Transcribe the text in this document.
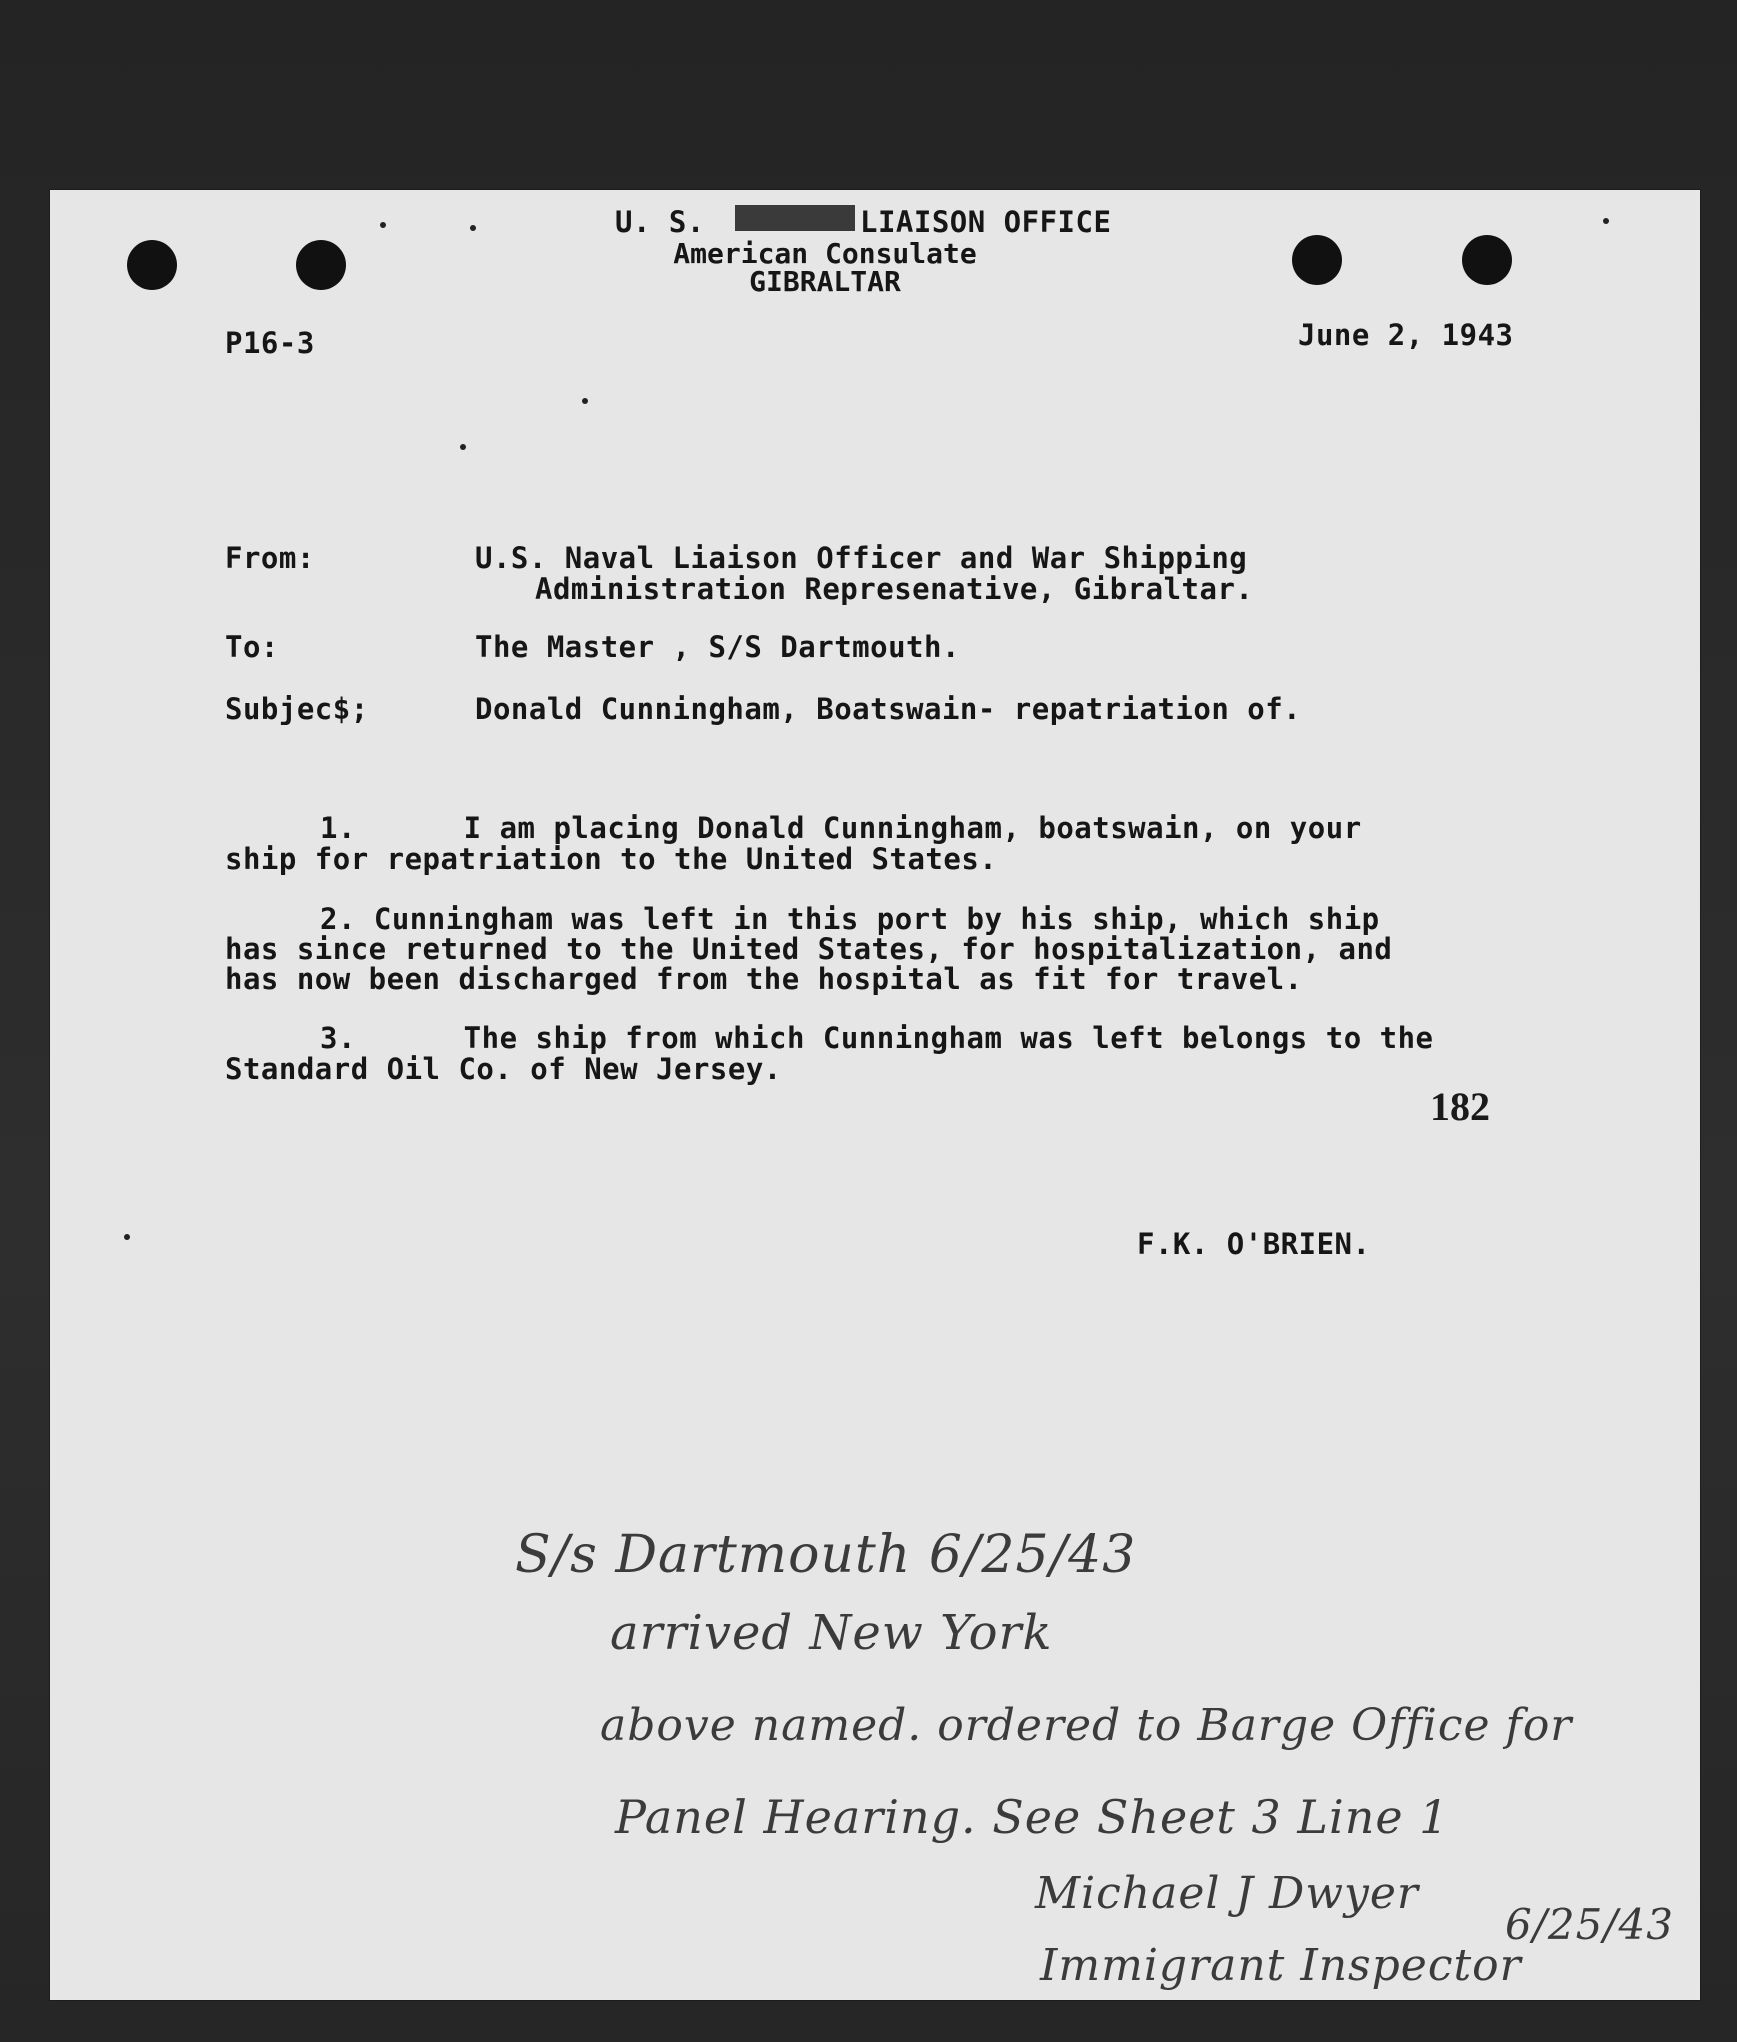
U. S.	LIAISON OFFICE
American Consulate
GIBRALTAR
P16-3	June 2, 1943
From:	U.S. Naval Liaison Officer and War Shipping
Administration Represenative, Gibraltar.
To:	The Master , S/S Dartmouth.
Subjec$;	Donald Cunningham, Boatswain- repatriation of.
1.      I am placing Donald Cunningham, boatswain, on your
ship for repatriation to the United States.
2. Cunningham was left in this port by his ship, which ship
has since returned to the United States, for hospitalization, and
has now been discharged from the hospital as fit for travel.
3.      The ship from which Cunningham was left belongs to the
Standard Oil Co. of New Jersey.
182
F.K. O'BRIEN.
S/s Dartmouth 6/25/43
arrived New York
above named. ordered to Barge Office for
Panel Hearing. See Sheet 3 Line 1
Michael J Dwyer
Immigrant Inspector
6/25/43
